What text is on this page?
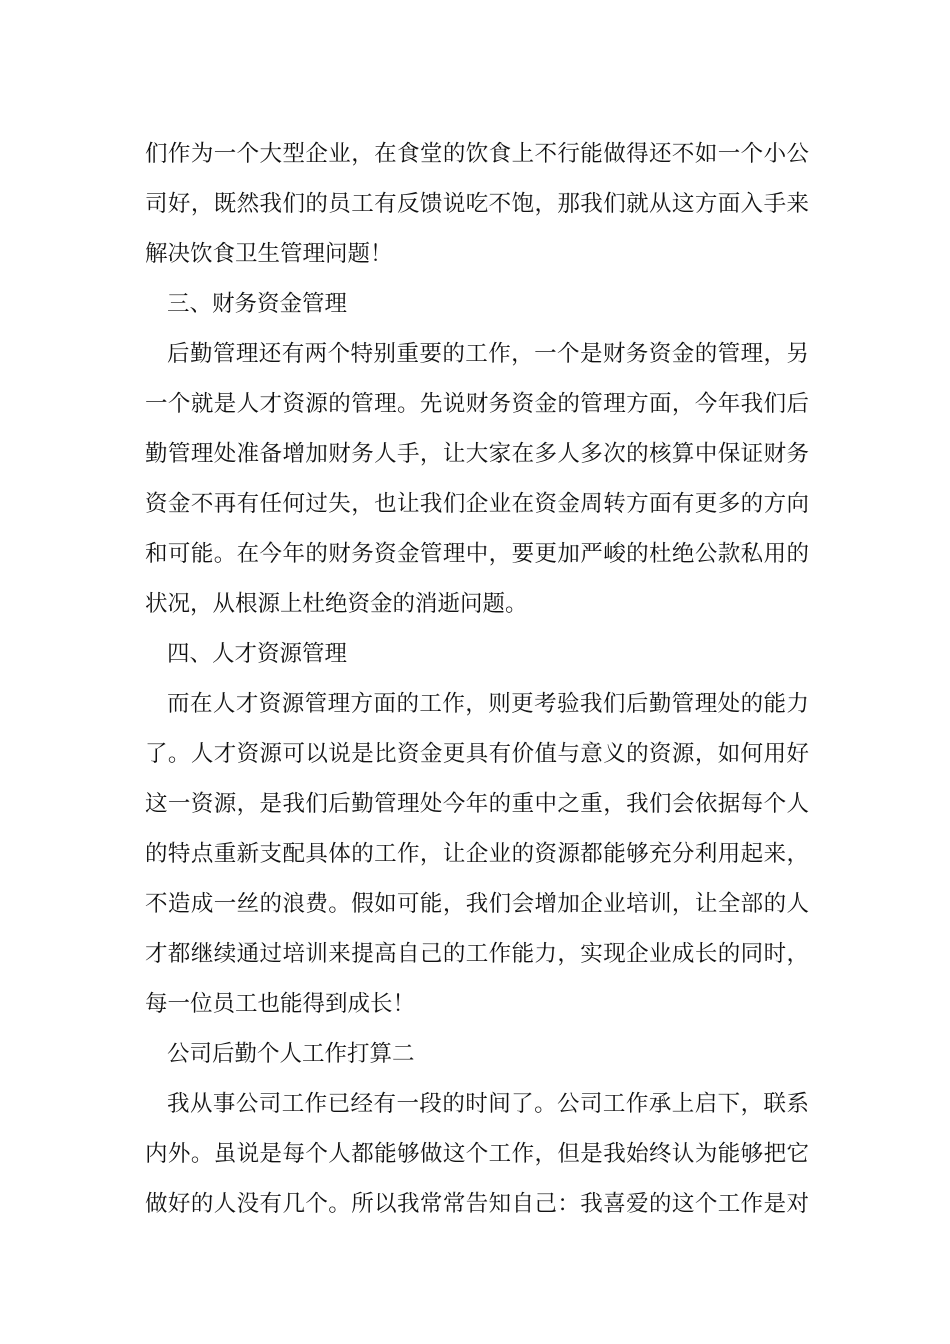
们作为一个大型企业，在食堂的饮食上不行能做得还不如一个小公
司好，既然我们的员工有反馈说吃不饱，那我们就从这方面入手来
解决饮食卫生管理问题！
三、财务资金管理
后勤管理还有两个特别重要的工作，一个是财务资金的管理，另
一个就是人才资源的管理。先说财务资金的管理方面，今年我们后
勤管理处准备增加财务人手，让大家在多人多次的核算中保证财务
资金不再有任何过失，也让我们企业在资金周转方面有更多的方向
和可能。在今年的财务资金管理中，要更加严峻的杜绝公款私用的
状况，从根源上杜绝资金的消逝问题。
四、人才资源管理
而在人才资源管理方面的工作，则更考验我们后勤管理处的能力
了。人才资源可以说是比资金更具有价值与意义的资源，如何用好
这一资源，是我们后勤管理处今年的重中之重，我们会依据每个人
的特点重新支配具体的工作，让企业的资源都能够充分利用起来，
不造成一丝的浪费。假如可能，我们会增加企业培训，让全部的人
才都继续通过培训来提高自己的工作能力，实现企业成长的同时，
每一位员工也能得到成长！
公司后勤个人工作打算二
我从事公司工作已经有一段的时间了。公司工作承上启下，联系
内外。虽说是每个人都能够做这个工作，但是我始终认为能够把它
做好的人没有几个。所以我常常告知自己：我喜爱的这个工作是对
